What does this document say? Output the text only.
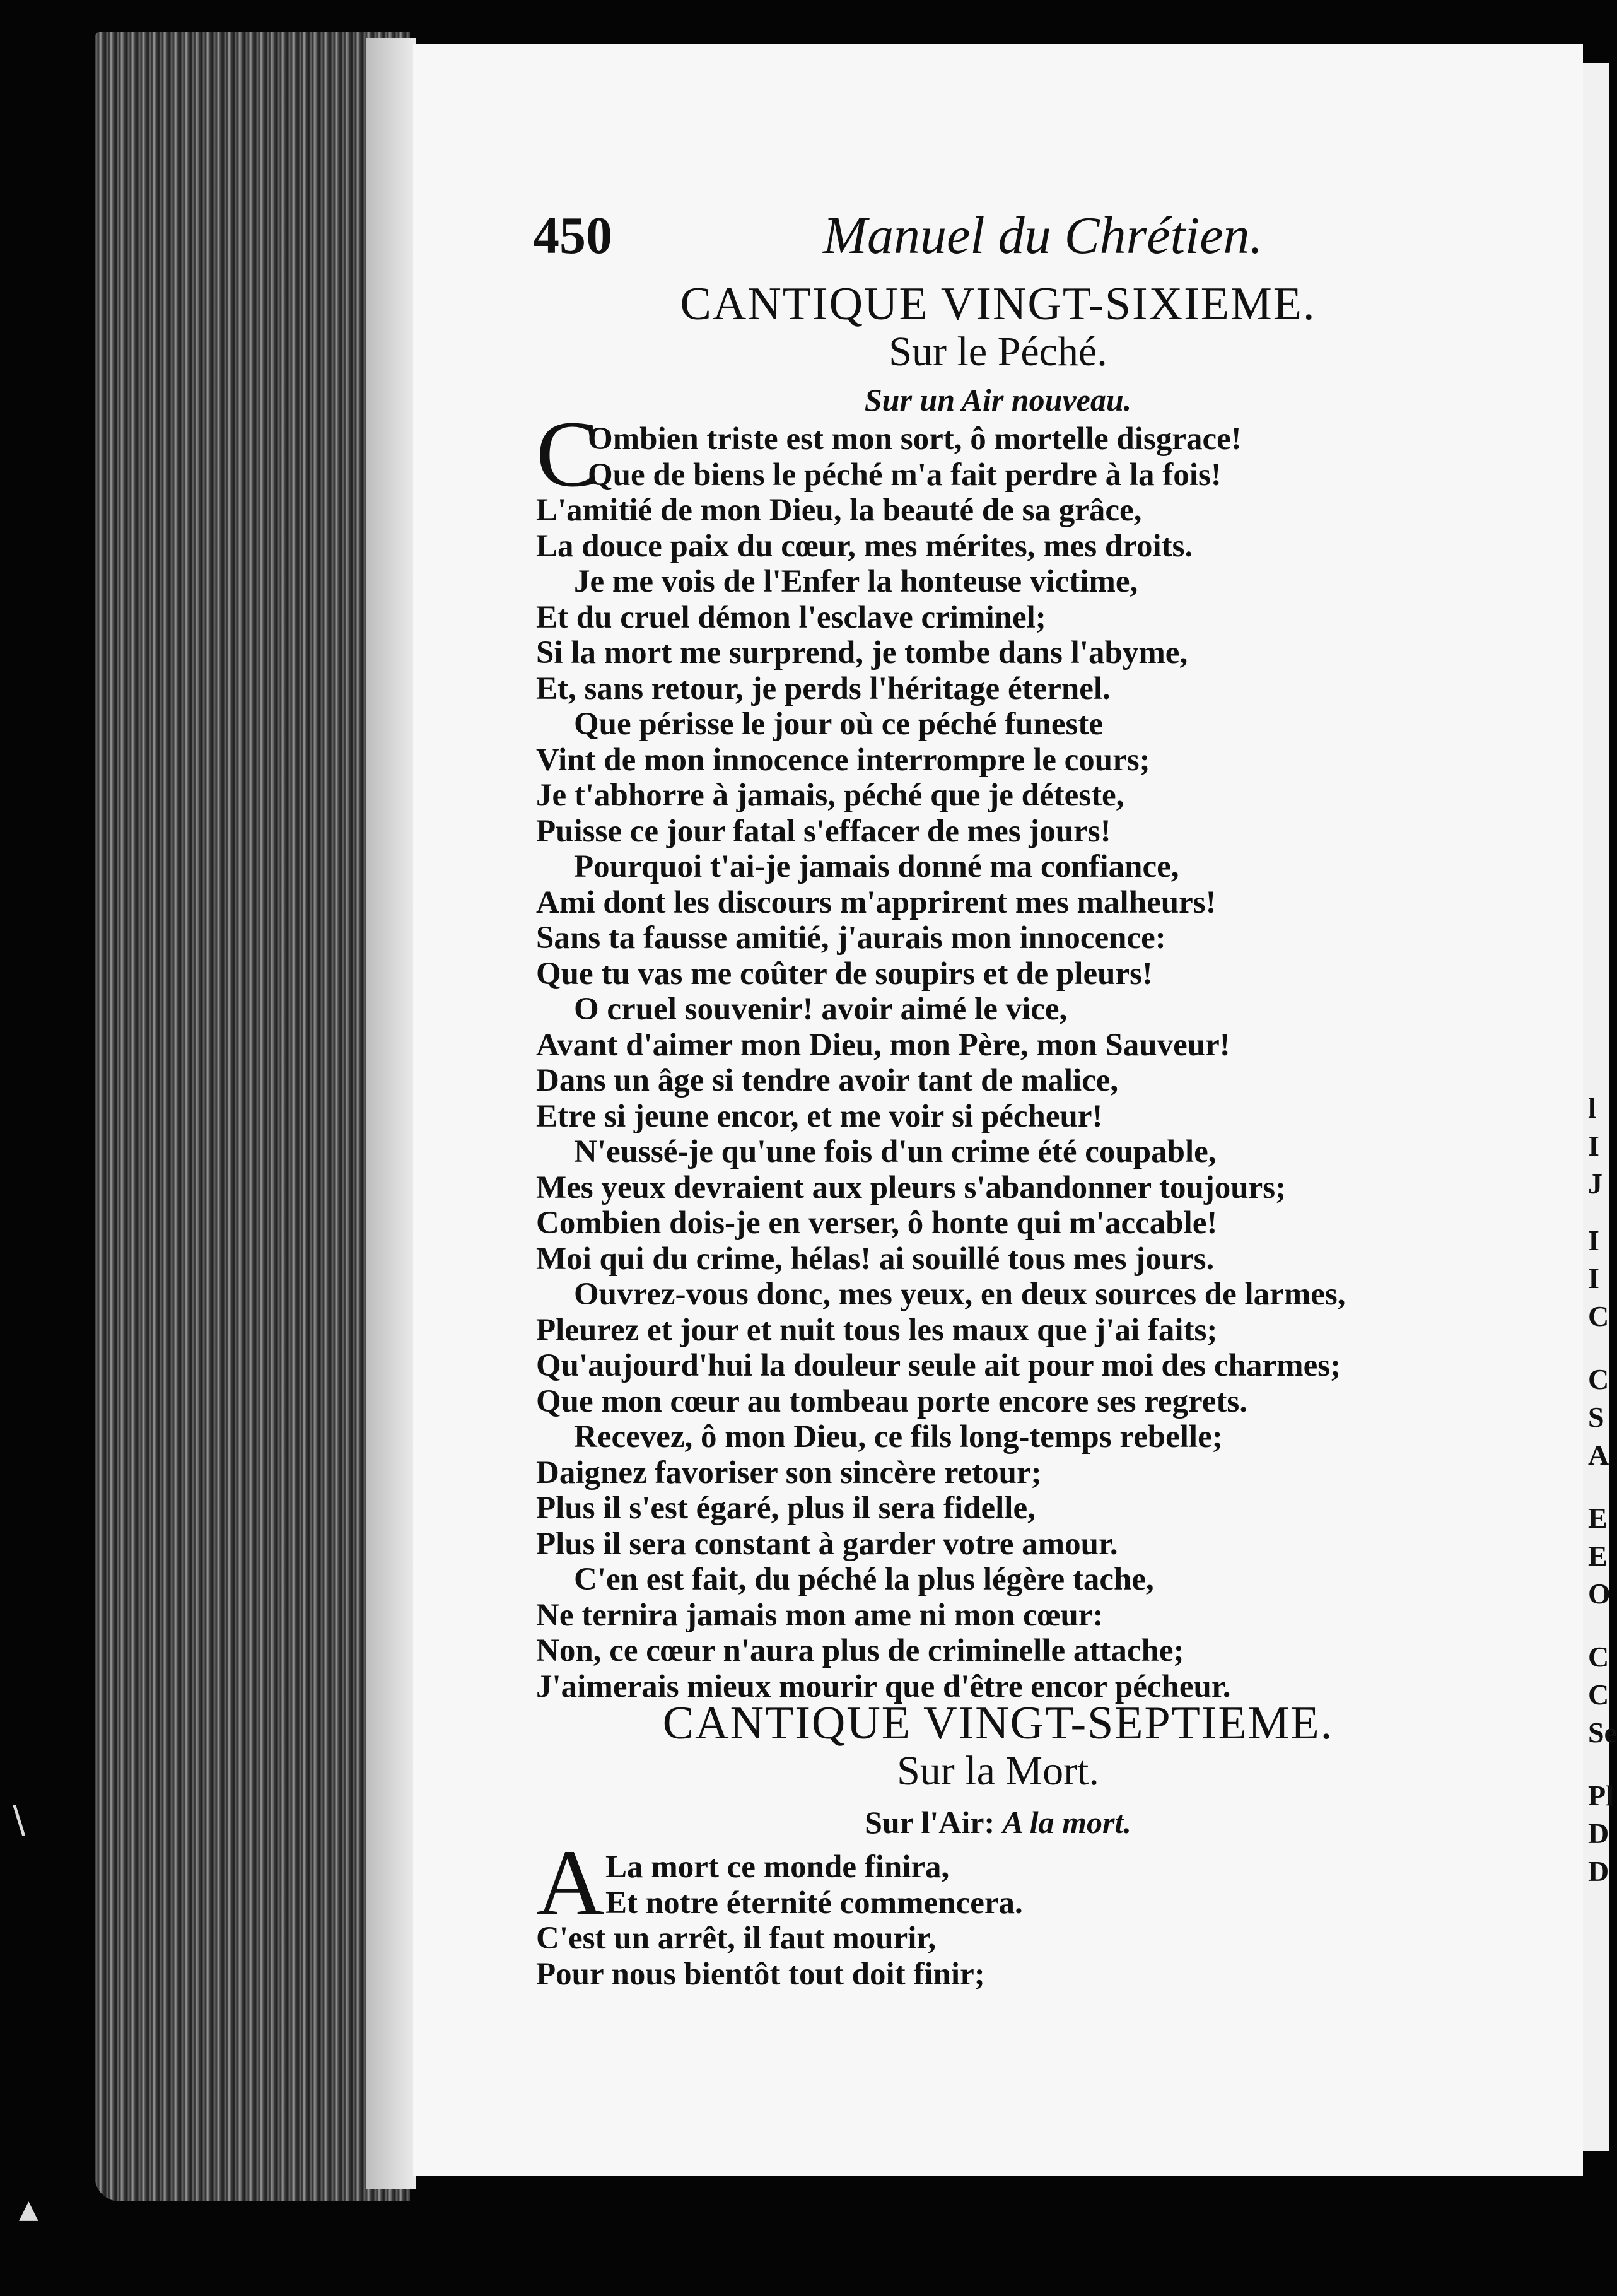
450	Manuel du Chrétien.
CANTIQUE VINGT-SIXIEME.
Sur le Péché.
Sur un Air nouveau.
C

Ombien triste est mon sort, ô mortelle disgrace!

Que de biens le péché m'a fait perdre à la fois!

L'amitié de mon Dieu, la beauté de sa grâce,

La douce paix du cœur, mes mérites, mes droits.

Je me vois de l'Enfer la honteuse victime,

Et du cruel démon l'esclave criminel;

Si la mort me surprend, je tombe dans l'abyme,

Et, sans retour, je perds l'héritage éternel.

Que périsse le jour où ce péché funeste

Vint de mon innocence interrompre le cours;

Je t'abhorre à jamais, péché que je déteste,

Puisse ce jour fatal s'effacer de mes jours!

Pourquoi t'ai-je jamais donné ma confiance,

Ami dont les discours m'apprirent mes malheurs!

Sans ta fausse amitié, j'aurais mon innocence:

Que tu vas me coûter de soupirs et de pleurs!

O cruel souvenir! avoir aimé le vice,

Avant d'aimer mon Dieu, mon Père, mon Sauveur!

Dans un âge si tendre avoir tant de malice,

Etre si jeune encor, et me voir si pécheur!

N'eussé-je qu'une fois d'un crime été coupable,

Mes yeux devraient aux pleurs s'abandonner toujours;

Combien dois-je en verser, ô honte qui m'accable!

Moi qui du crime, hélas! ai souillé tous mes jours.

Ouvrez-vous donc, mes yeux, en deux sources de larmes,

Pleurez et jour et nuit tous les maux que j'ai faits;

Qu'aujourd'hui la douleur seule ait pour moi des charmes;

Que mon cœur au tombeau porte encore ses regrets.

Recevez, ô mon Dieu, ce fils long-temps rebelle;

Daignez favoriser son sincère retour;

Plus il s'est égaré, plus il sera fidelle,

Plus il sera constant à garder votre amour.

C'en est fait, du péché la plus légère tache,

Ne ternira jamais mon ame ni mon cœur:

Non, ce cœur n'aura plus de criminelle attache;

J'aimerais mieux mourir que d'être encor pécheur.

CANTIQUE VINGT-SEPTIEME.
Sur la Mort.
Sur l'Air: A la mort.
A La mort ce monde finira,

Et notre éternité commencera.

C'est un arrêt, il faut mourir,

Pour nous bientôt tout doit finir;

l
I
J
I
I
C
C
S
A
E
E
O
C
C
Se
Pl
D
D
\
▲
